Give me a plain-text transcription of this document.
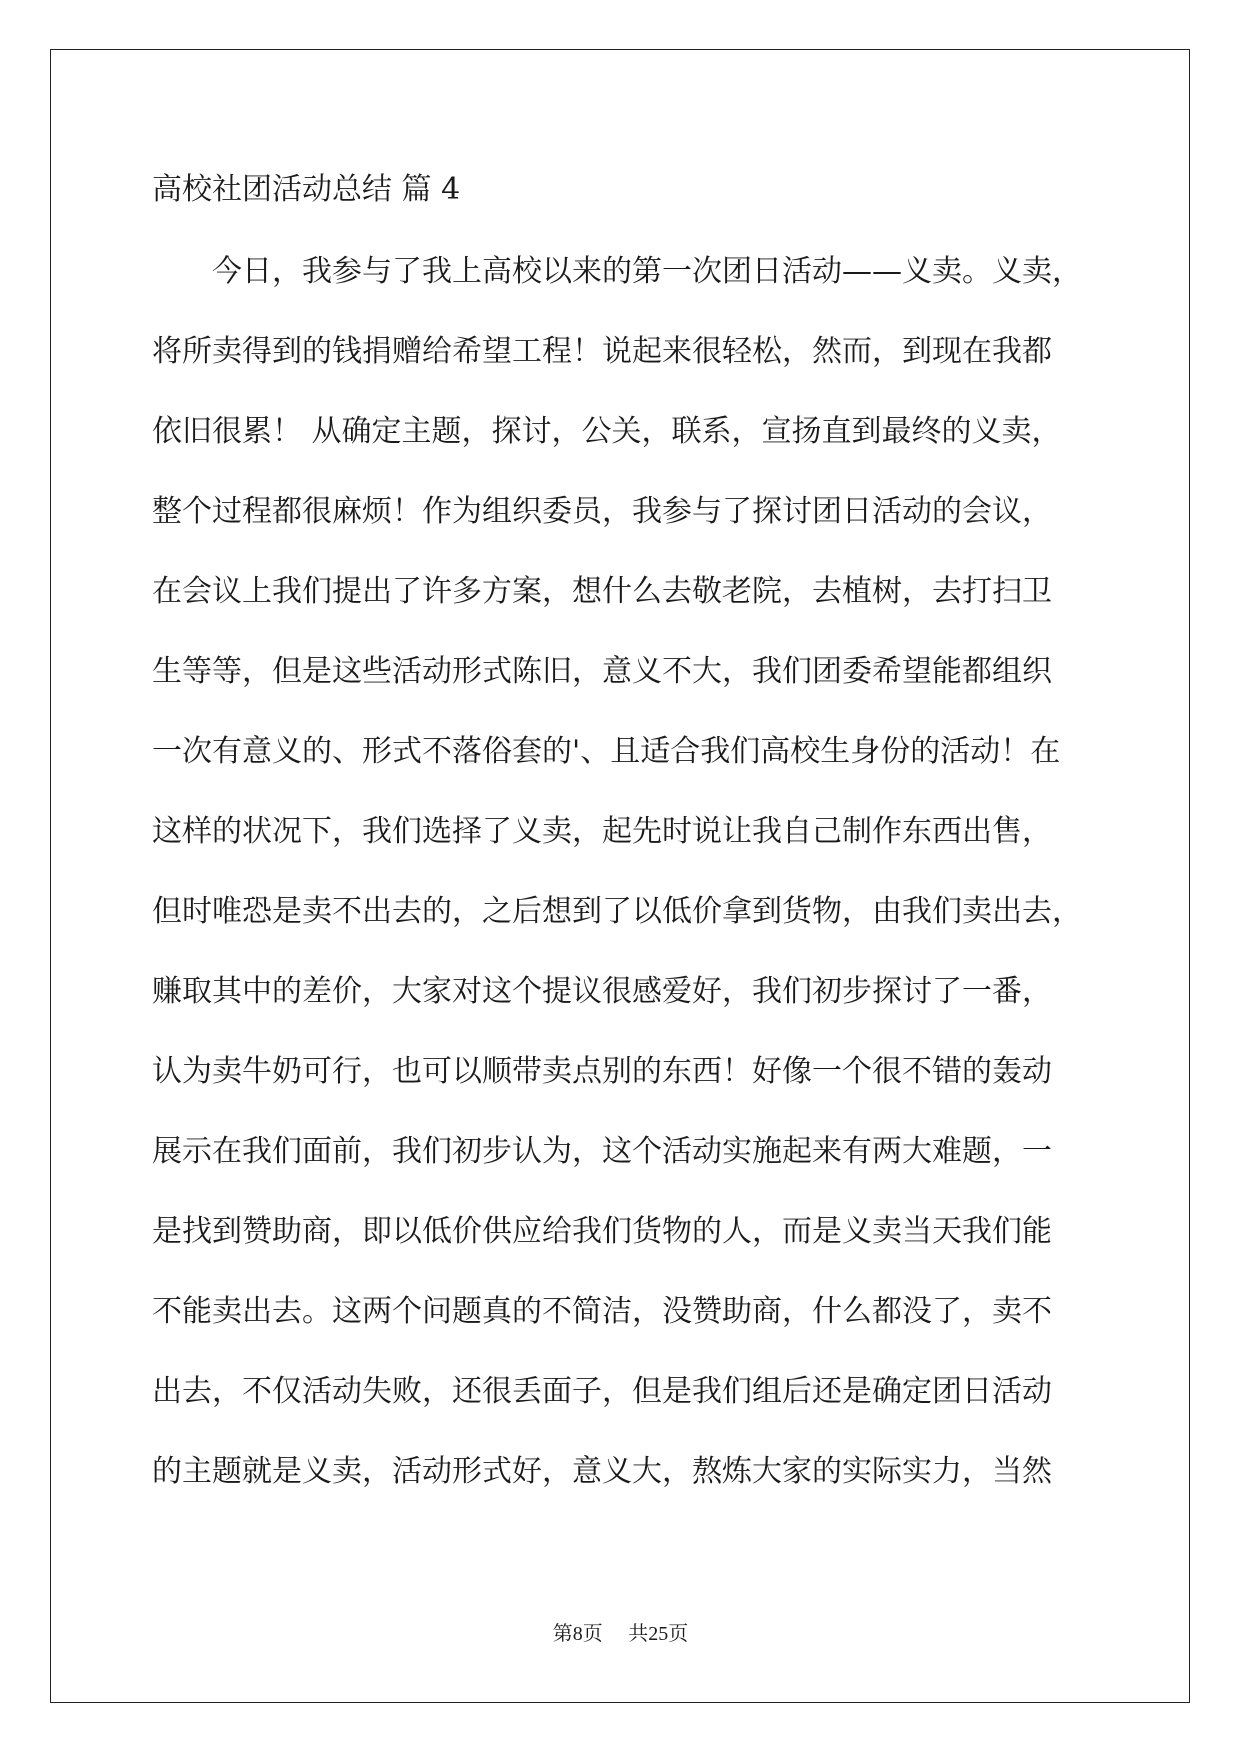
高校社团活动总结 篇 4
　　今日，我参与了我上高校以来的第一次团日活动——义卖。义卖，
将所卖得到的钱捐赠给希望工程！说起来很轻松，然而，到现在我都
依旧很累！ 从确定主题，探讨，公关，联系，宣扬直到最终的义卖，
整个过程都很麻烦！作为组织委员，我参与了探讨团日活动的会议，
在会议上我们提出了许多方案，想什么去敬老院，去植树，去打扫卫
生等等，但是这些活动形式陈旧，意义不大，我们团委希望能都组织
一次有意义的、形式不落俗套的'、且适合我们高校生身份的活动！在
这样的状况下，我们选择了义卖，起先时说让我自己制作东西出售，
但时唯恐是卖不出去的，之后想到了以低价拿到货物，由我们卖出去，
赚取其中的差价，大家对这个提议很感爱好，我们初步探讨了一番，
认为卖牛奶可行，也可以顺带卖点别的东西！好像一个很不错的轰动
展示在我们面前，我们初步认为，这个活动实施起来有两大难题，一
是找到赞助商，即以低价供应给我们货物的人，而是义卖当天我们能
不能卖出去。这两个问题真的不简洁，没赞助商，什么都没了，卖不
出去，不仅活动失败，还很丢面子，但是我们组后还是确定团日活动
的主题就是义卖，活动形式好，意义大，熬炼大家的实际实力，当然
第8页 共25页
